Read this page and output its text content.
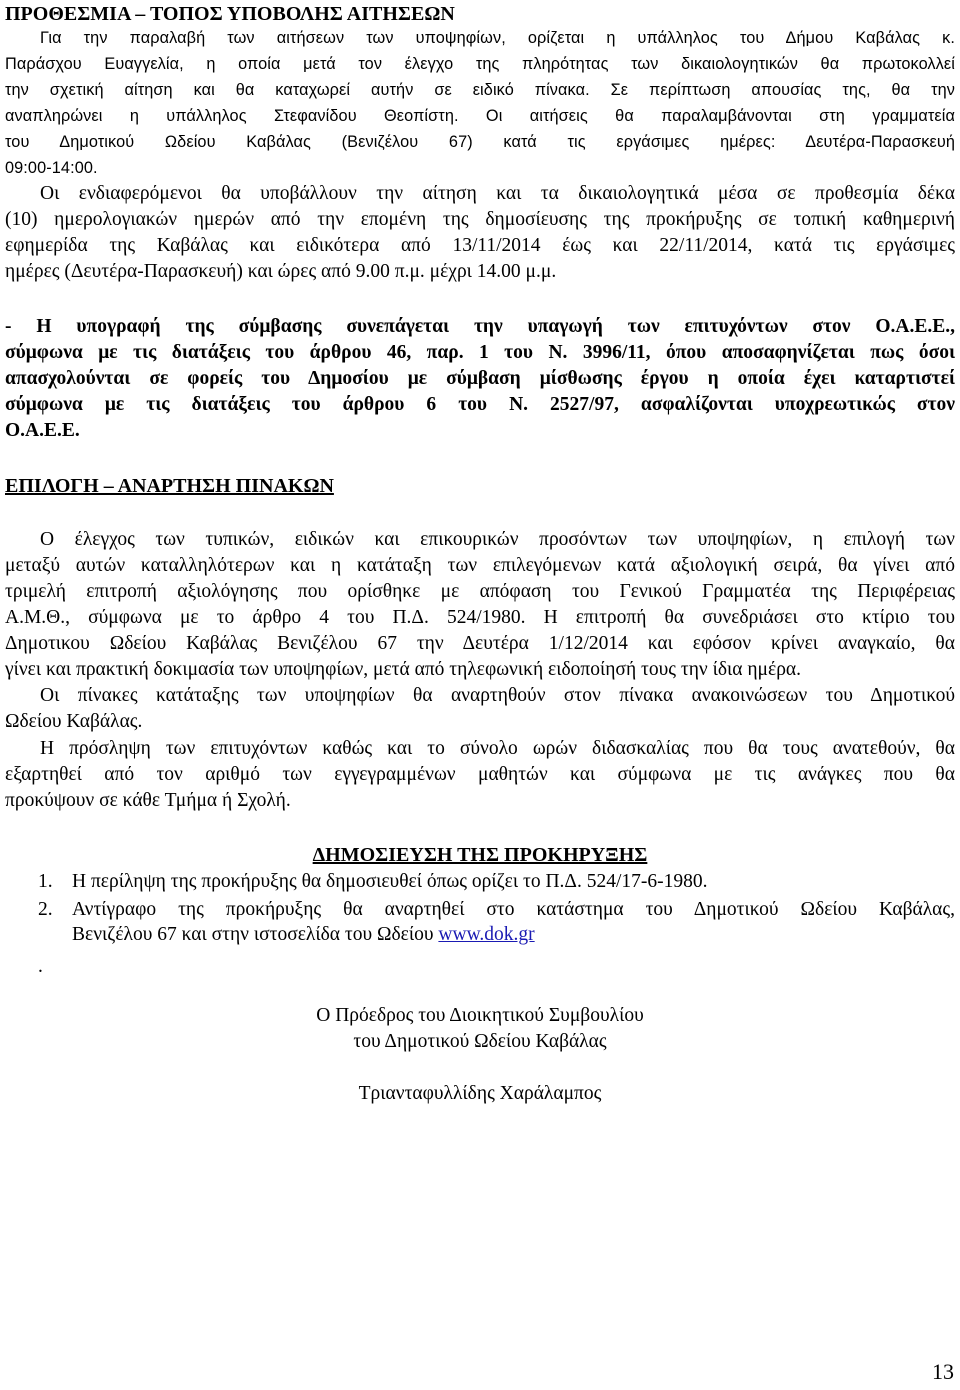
ΠΡΟΘΕΣΜΙΑ – ΤΟΠΟΣ ΥΠΟΒΟΛΗΣ ΑΙΤΗΣΕΩΝ
Για την παραλαβή των αιτήσεων των υποψηφίων, ορίζεται η υπάλληλος του Δήμου Καβάλας κ.
Παράσχου Ευαγγελία, η οποία μετά τον έλεγχο της πληρότητας των δικαιολογητικών θα πρωτοκολλεί
την σχετική αίτηση και θα καταχωρεί αυτήν σε ειδικό πίνακα. Σε περίπτωση απουσίας της, θα την
αναπληρώνει η υπάλληλος Στεφανίδου Θεοπίστη. Οι αιτήσεις θα παραλαμβάνονται στη γραμματεία
του Δημοτικού Ωδείου Καβάλας (Βενιζέλου 67) κατά τις εργάσιμες ημέρες: Δευτέρα-Παρασκευή
09:00-14:00.
Οι ενδιαφερόμενοι θα υποβάλλουν την αίτηση και τα δικαιολογητικά μέσα σε προθεσμία δέκα
(10) ημερολογιακών ημερών από την επομένη της δημοσίευσης της προκήρυξης σε τοπική καθημερινή
εφημερίδα της Καβάλας και ειδικότερα από 13/11/2014 έως και 22/11/2014, κατά τις εργάσιμες
ημέρες (Δευτέρα-Παρασκευή) και ώρες από 9.00 π.μ. μέχρι 14.00 μ.μ.
- Η υπογραφή της σύμβασης συνεπάγεται την υπαγωγή των επιτυχόντων στον Ο.Α.Ε.Ε.,
σύμφωνα με τις διατάξεις του άρθρου 46, παρ. 1 του Ν. 3996/11, όπου αποσαφηνίζεται πως όσοι
απασχολούνται σε φορείς του Δημοσίου με σύμβαση μίσθωσης έργου η οποία έχει καταρτιστεί
σύμφωνα με τις διατάξεις του άρθρου 6 του Ν. 2527/97, ασφαλίζονται υποχρεωτικώς στον
Ο.Α.Ε.Ε.
ΕΠΙΛΟΓΗ – ΑΝΑΡΤΗΣΗ ΠΙΝΑΚΩΝ
Ο έλεγχος των τυπικών, ειδικών και επικουρικών προσόντων των υποψηφίων, η επιλογή των
μεταξύ αυτών καταλληλότερων και η κατάταξη των επιλεγόμενων κατά αξιολογική σειρά, θα γίνει από
τριμελή επιτροπή αξιολόγησης που ορίσθηκε με απόφαση του Γενικού Γραμματέα της Περιφέρειας
Α.Μ.Θ., σύμφωνα με το άρθρο 4 του Π.Δ. 524/1980. Η επιτροπή θα συνεδριάσει στο κτίριο του
Δημοτικου Ωδείου Καβάλας Βενιζέλου 67 την Δευτέρα 1/12/2014 και εφόσον κρίνει αναγκαίο, θα
γίνει και πρακτική δοκιμασία των υποψηφίων, μετά από τηλεφωνική ειδοποίησή τους την ίδια ημέρα.
Οι πίνακες κατάταξης των υποψηφίων θα αναρτηθούν στον πίνακα ανακοινώσεων του Δημοτικού
Ωδείου Καβάλας.
Η πρόσληψη των επιτυχόντων καθώς και το σύνολο ωρών διδασκαλίας που θα τους ανατεθούν, θα
εξαρτηθεί από τον αριθμό των εγγεγραμμένων μαθητών και σύμφωνα με τις ανάγκες που θα
προκύψουν σε κάθε Τμήμα ή Σχολή.
ΔΗΜΟΣΙΕΥΣΗ ΤΗΣ ΠΡΟΚΗΡΥΞΗΣ
1. Η περίληψη της προκήρυξης θα δημοσιευθεί όπως ορίζει το Π.Δ. 524/17-6-1980.
2. Αντίγραφο της προκήρυξης θα αναρτηθεί στο κατάστημα του Δημοτικού Ωδείου Καβάλας,
Βενιζέλου 67 και στην ιστοσελίδα του Ωδείου www.dok.gr
.
Ο Πρόεδρος του Διοικητικού Συμβουλίου
του Δημοτικού Ωδείου Καβάλας
Τριανταφυλλίδης Χαράλαμπος
13
